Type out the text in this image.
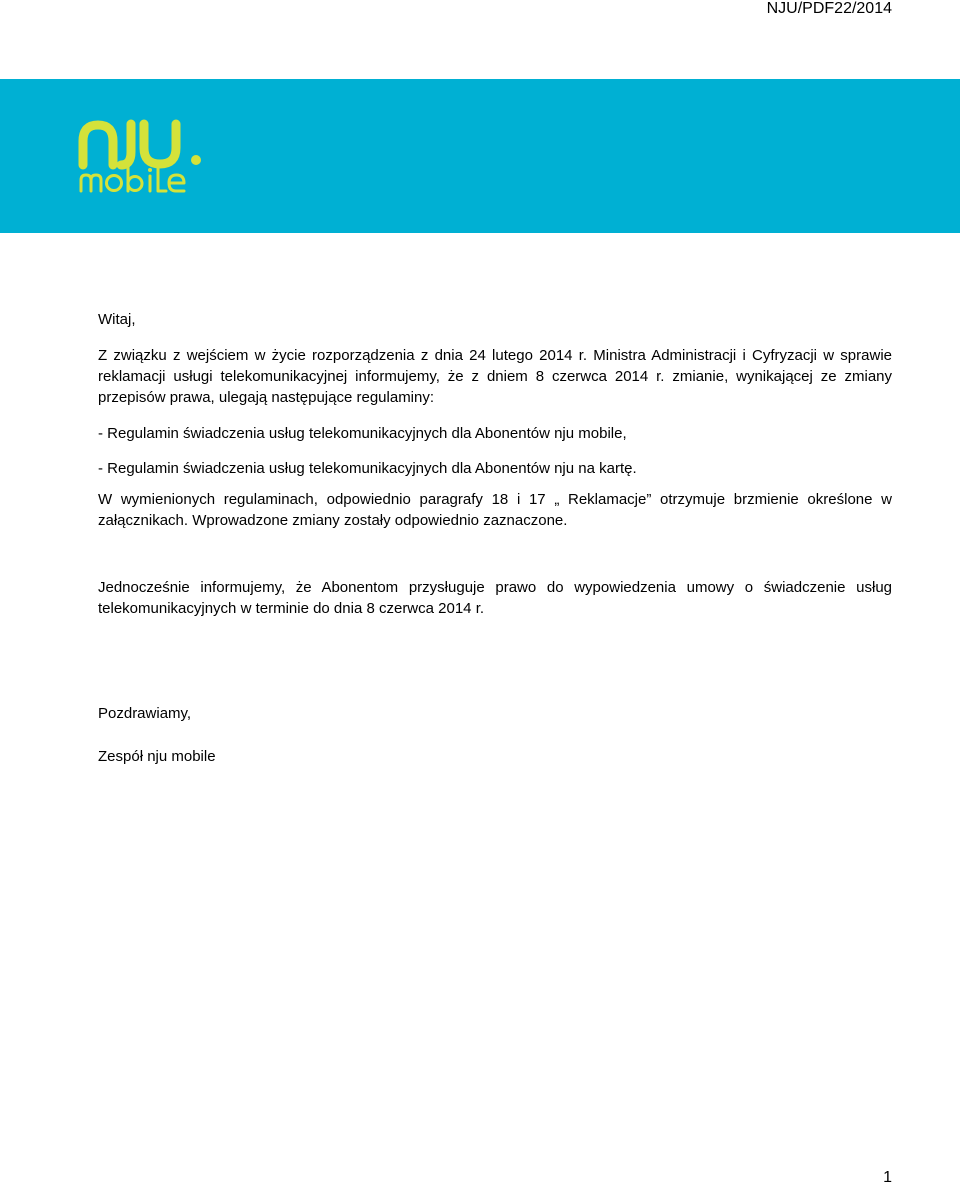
NJU/PDF22/2014

Witaj,

Z związku z wejściem w życie rozporządzenia z dnia 24 lutego 2014 r. Ministra Administracji i Cyfryzacji w sprawie reklamacji usługi telekomunikacyjnej informujemy, że z dniem 8 czerwca 2014 r. zmianie, wynikającej ze zmiany przepisów prawa, ulegają następujące regulaminy:

- Regulamin świadczenia usług telekomunikacyjnych dla Abonentów nju mobile,

- Regulamin świadczenia usług telekomunikacyjnych dla Abonentów nju na kartę.

W wymienionych regulaminach, odpowiednio paragrafy 18 i 17 „ Reklamacje” otrzymuje brzmienie określone w załącznikach. Wprowadzone zmiany zostały odpowiednio zaznaczone.

Jednocześnie informujemy, że Abonentom przysługuje prawo do wypowiedzenia umowy o świadczenie usług telekomunikacyjnych w terminie do dnia 8 czerwca 2014 r.

Pozdrawiamy,

Zespół nju mobile

1
